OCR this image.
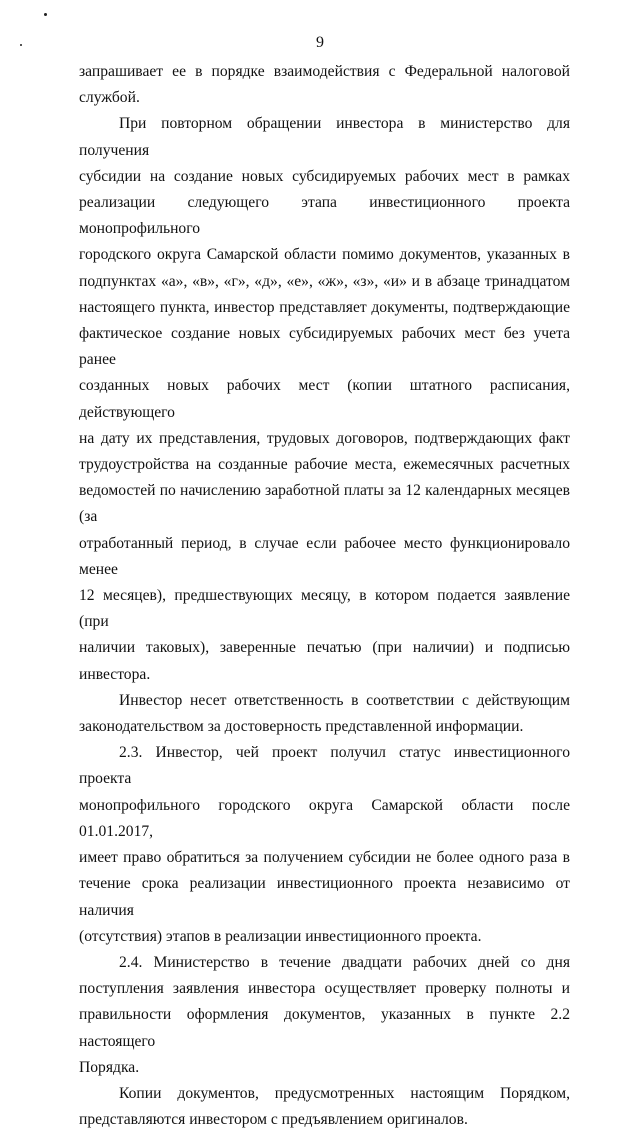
9
запрашивает ее в порядке взаимодействия с Федеральной налоговой
службой.
При повторном обращении инвестора в министерство для получения
субсидии на создание новых субсидируемых рабочих мест в рамках
реализации следующего этапа инвестиционного проекта монопрофильного
городского округа Самарской области помимо документов, указанных в
подпунктах «а», «в», «г», «д», «е», «ж», «з», «и» и в абзаце тринадцатом
настоящего пункта, инвестор представляет документы, подтверждающие
фактическое создание новых субсидируемых рабочих мест без учета ранее
созданных новых рабочих мест (копии штатного расписания, действующего
на дату их представления, трудовых договоров, подтверждающих факт
трудоустройства на созданные рабочие места, ежемесячных расчетных
ведомостей по начислению заработной платы за 12 календарных месяцев (за
отработанный период, в случае если рабочее место функционировало менее
12 месяцев), предшествующих месяцу, в котором подается заявление (при
наличии таковых), заверенные печатью (при наличии) и подписью
инвестора.
Инвестор несет ответственность в соответствии с действующим
законодательством за достоверность представленной информации.
2.3. Инвестор, чей проект получил статус инвестиционного проекта
монопрофильного городского округа Самарской области после 01.01.2017,
имеет право обратиться за получением субсидии не более одного раза в
течение срока реализации инвестиционного проекта независимо от наличия
(отсутствия) этапов в реализации инвестиционного проекта.
2.4. Министерство в течение двадцати рабочих дней со дня
поступления заявления инвестора осуществляет проверку полноты и
правильности оформления документов, указанных в пункте 2.2 настоящего
Порядка.
Копии документов, предусмотренных настоящим Порядком,
представляются инвестором с предъявлением оригиналов.
